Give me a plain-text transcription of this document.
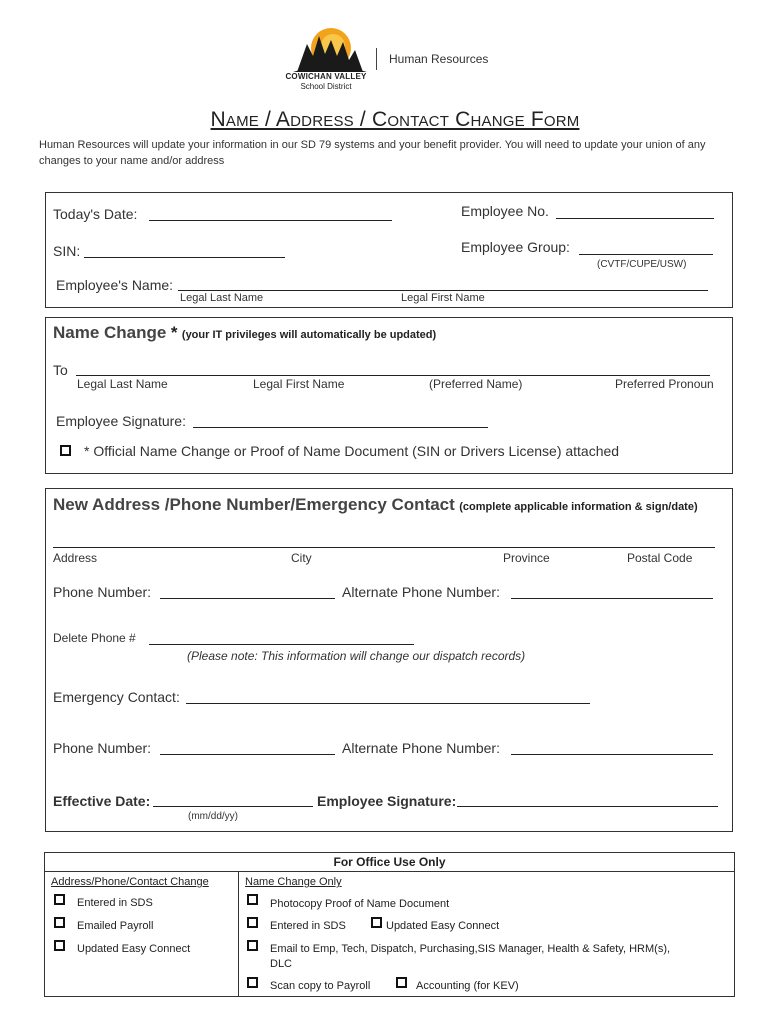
COWICHAN VALLEY
School District
Human Resources
Name / Address / Contact Change Form
Human Resources will update your information in our SD 79 systems and your benefit provider. You will need to update your union of any changes to your name and/or address
Today's Date:	Employee No.
SIN:	Employee Group:
(CVTF/CUPE/USW)
Employee's Name:
Legal Last Name	Legal First Name
Name Change * (your IT privileges will automatically be updated)
To
Legal Last Name	Legal First Name	(Preferred Name)	Preferred Pronoun
Employee Signature:
* Official Name Change or Proof of Name Document (SIN or Drivers License) attached
New Address /Phone Number/Emergency Contact (complete applicable information & sign/date)
Address	City	Province	Postal Code
Phone Number:	Alternate Phone Number:
Delete Phone #
(Please note: This information will change our dispatch records)
Emergency Contact:
Phone Number:	Alternate Phone Number:
Effective Date:
(mm/dd/yy)
Employee Signature:
For Office Use Only
Address/Phone/Contact Change
Entered in SDS
Emailed Payroll
Updated Easy Connect
Name Change Only
Photocopy Proof of Name Document
Entered in SDS	Updated Easy Connect
Email to Emp, Tech, Dispatch, Purchasing,SIS Manager, Health & Safety, HRM(s),
DLC
Scan copy to Payroll	Accounting (for KEV)
